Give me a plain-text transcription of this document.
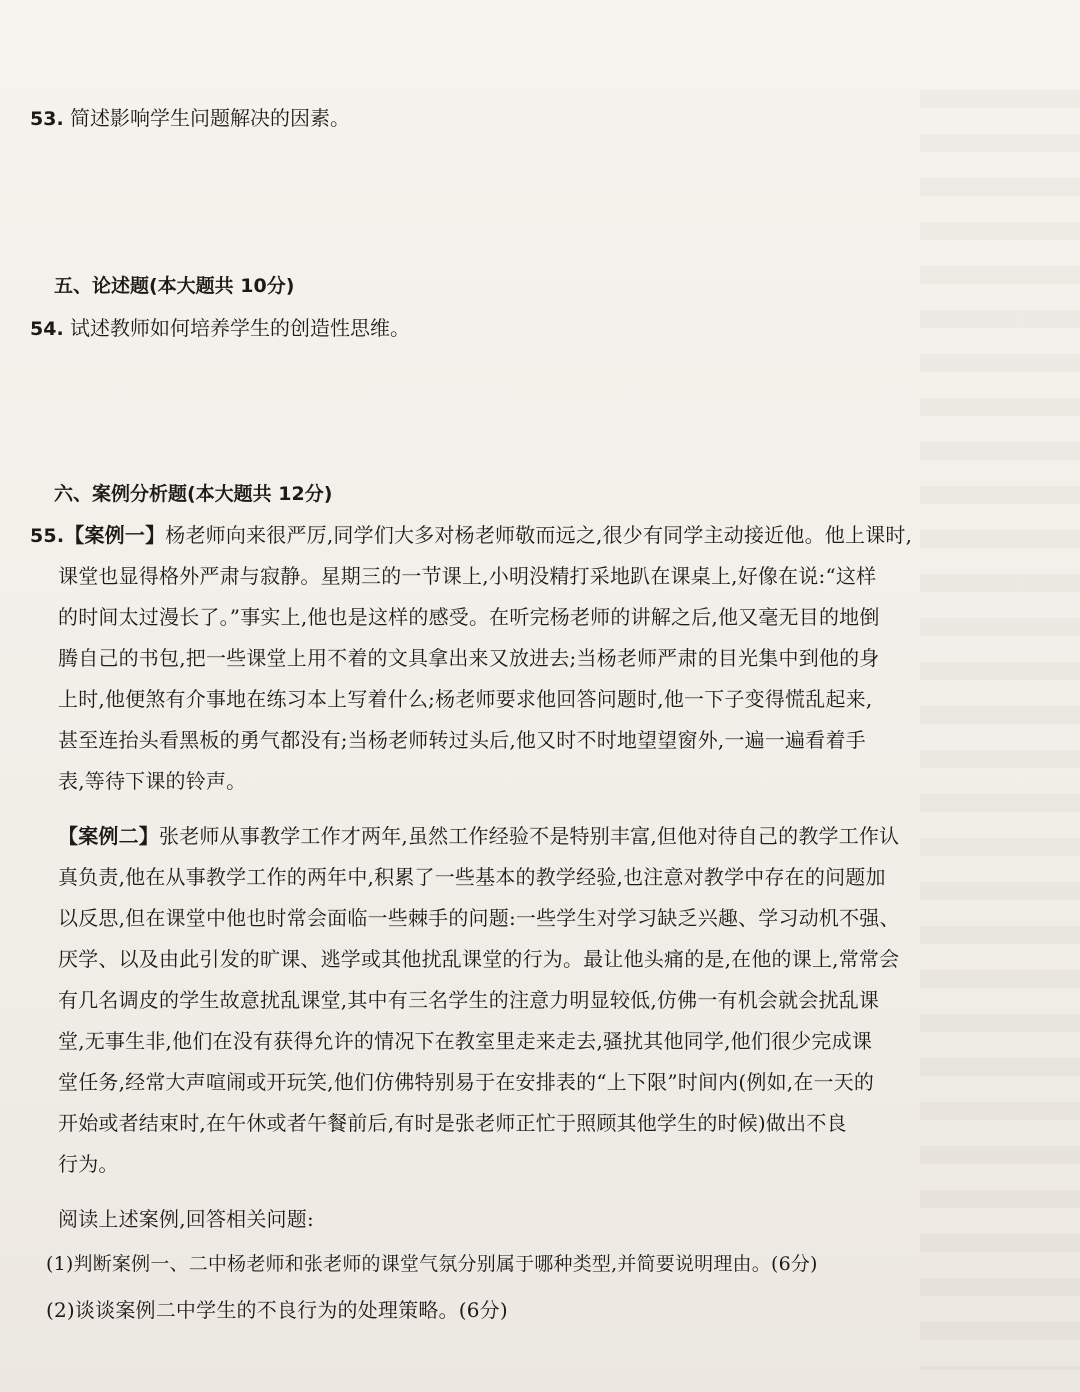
53. 简述影响学生问题解决的因素。
五、论述题(本大题共 10分)
54. 试述教师如何培养学生的创造性思维。
六、案例分析题(本大题共 12分)
55.【案例一】杨老师向来很严厉,同学们大多对杨老师敬而远之,很少有同学主动接近他。他上课时,
课堂也显得格外严肃与寂静。星期三的一节课上,小明没精打采地趴在课桌上,好像在说:“这样
的时间太过漫长了。”事实上,他也是这样的感受。在听完杨老师的讲解之后,他又毫无目的地倒
腾自己的书包,把一些课堂上用不着的文具拿出来又放进去;当杨老师严肃的目光集中到他的身
上时,他便煞有介事地在练习本上写着什么;杨老师要求他回答问题时,他一下子变得慌乱起来,
甚至连抬头看黑板的勇气都没有;当杨老师转过头后,他又时不时地望望窗外,一遍一遍看着手
表,等待下课的铃声。
【案例二】张老师从事教学工作才两年,虽然工作经验不是特别丰富,但他对待自己的教学工作认
真负责,他在从事教学工作的两年中,积累了一些基本的教学经验,也注意对教学中存在的问题加
以反思,但在课堂中他也时常会面临一些棘手的问题:一些学生对学习缺乏兴趣、学习动机不强、
厌学、以及由此引发的旷课、逃学或其他扰乱课堂的行为。最让他头痛的是,在他的课上,常常会
有几名调皮的学生故意扰乱课堂,其中有三名学生的注意力明显较低,仿佛一有机会就会扰乱课
堂,无事生非,他们在没有获得允许的情况下在教室里走来走去,骚扰其他同学,他们很少完成课
堂任务,经常大声喧闹或开玩笑,他们仿佛特别易于在安排表的“上下限”时间内(例如,在一天的
开始或者结束时,在午休或者午餐前后,有时是张老师正忙于照顾其他学生的时候)做出不良
行为。
阅读上述案例,回答相关问题:
(1)判断案例一、二中杨老师和张老师的课堂气氛分别属于哪种类型,并简要说明理由。(6分)
(2)谈谈案例二中学生的不良行为的处理策略。(6分)
